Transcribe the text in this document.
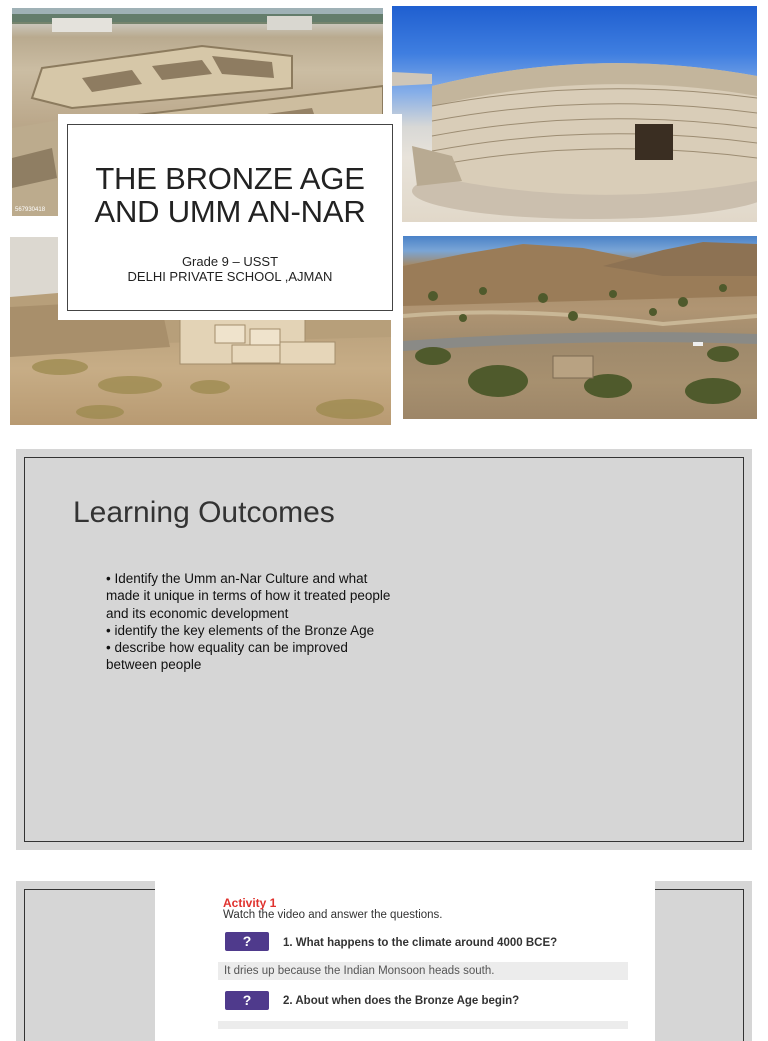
567930418
THE BRONZE AGE
AND UMM AN-NAR
Grade 9 – USST
DELHI PRIVATE SCHOOL ,AJMAN
Learning Outcomes
• Identify the Umm an-Nar Culture and what made it unique in terms of how it treated people and its economic development
• identify the key elements of the Bronze Age
• describe how equality can be improved between people
Activity 1
Watch the video and answer the questions.
?	1. What happens to the climate around 4000 BCE?
It dries up because the Indian Monsoon heads south.
?	2. About when does the Bronze Age begin?
